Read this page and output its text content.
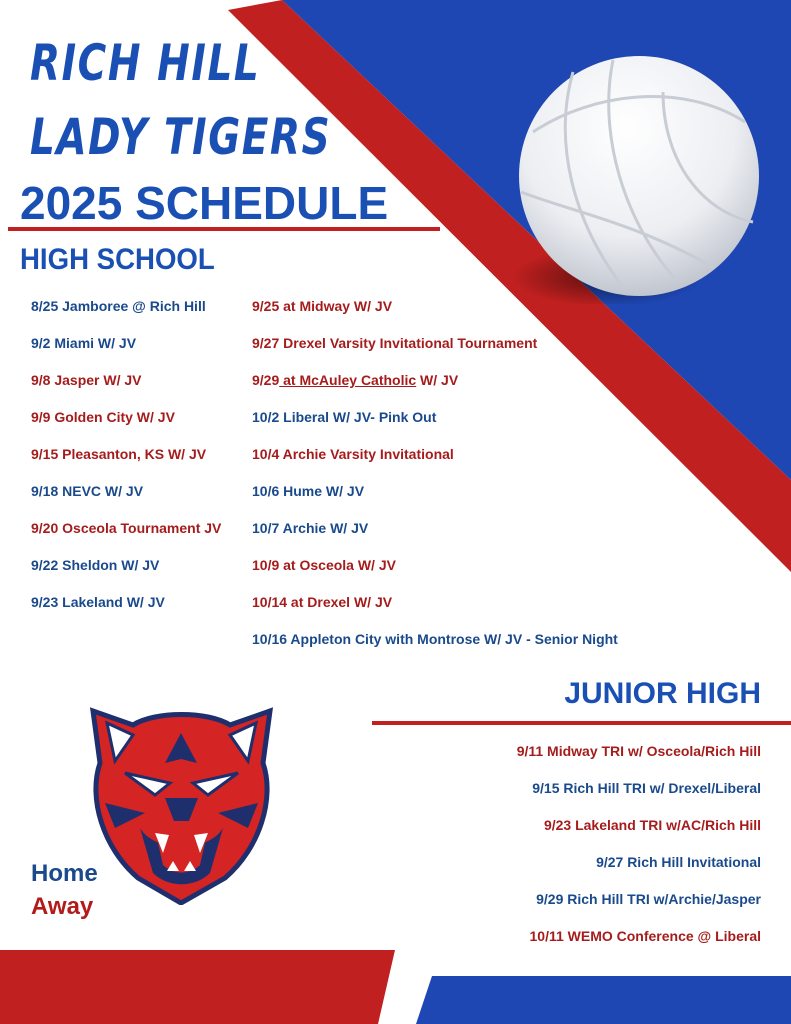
RICH HILL
LADY TIGERS
2025 SCHEDULE
HIGH SCHOOL
8/25 Jamboree @ Rich Hill
9/2 Miami W/ JV
9/8 Jasper W/ JV
9/9 Golden City W/ JV
9/15 Pleasanton, KS W/ JV
9/18 NEVC W/ JV
9/20 Osceola Tournament JV
9/22 Sheldon W/ JV
9/23 Lakeland W/ JV
9/25 at Midway W/ JV
9/27 Drexel Varsity Invitational Tournament
9/29 at McAuley Catholic W/ JV
10/2 Liberal W/ JV- Pink Out
10/4 Archie Varsity Invitational
10/6 Hume W/ JV
10/7 Archie W/ JV
10/9 at Osceola W/ JV
10/14 at Drexel W/ JV
10/16 Appleton City with Montrose W/ JV - Senior Night
JUNIOR HIGH
9/11 Midway TRI w/ Osceola/Rich Hill
9/15 Rich Hill TRI w/ Drexel/Liberal
9/23 Lakeland TRI w/AC/Rich Hill
9/27 Rich Hill Invitational
9/29 Rich Hill TRI w/Archie/Jasper
10/11 WEMO Conference @ Liberal
Home
Away
